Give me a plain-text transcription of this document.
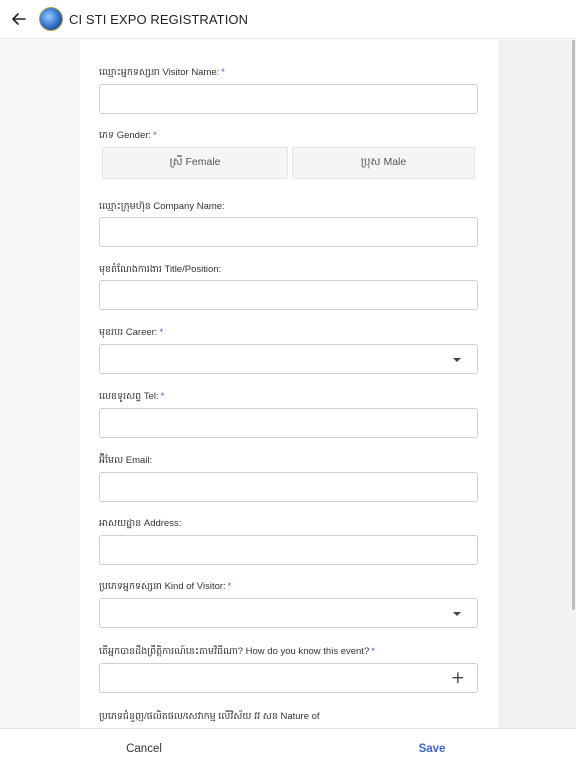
CI STI EXPO REGISTRATION
ឈ្មោះអ្នកទស្សនា Visitor Name: *
ភេទ Gender: *
ស្រី Female	ប្រុស Male
ឈ្មោះក្រុមហ៊ុន Company Name:
មុខតំណែងការងារ Title/Position:
មុខរបរ Career: *
លេខទូរសព្ទ Tel: *
អ៊ីមែល Email:
អាសយដ្ឋាន Address:
ប្រភេទអ្នកទស្សនា Kind of Visitor: *
តើអ្នកបានដឹងព្រឹត្តិការណ៍នេះតាមវិធីណា? How do you know this event? *
+
ប្រភេទជំនួញ/ផលិតផល/សេវាកម្ម លើវិស័យ វវ សន Nature of
Cancel	Save
